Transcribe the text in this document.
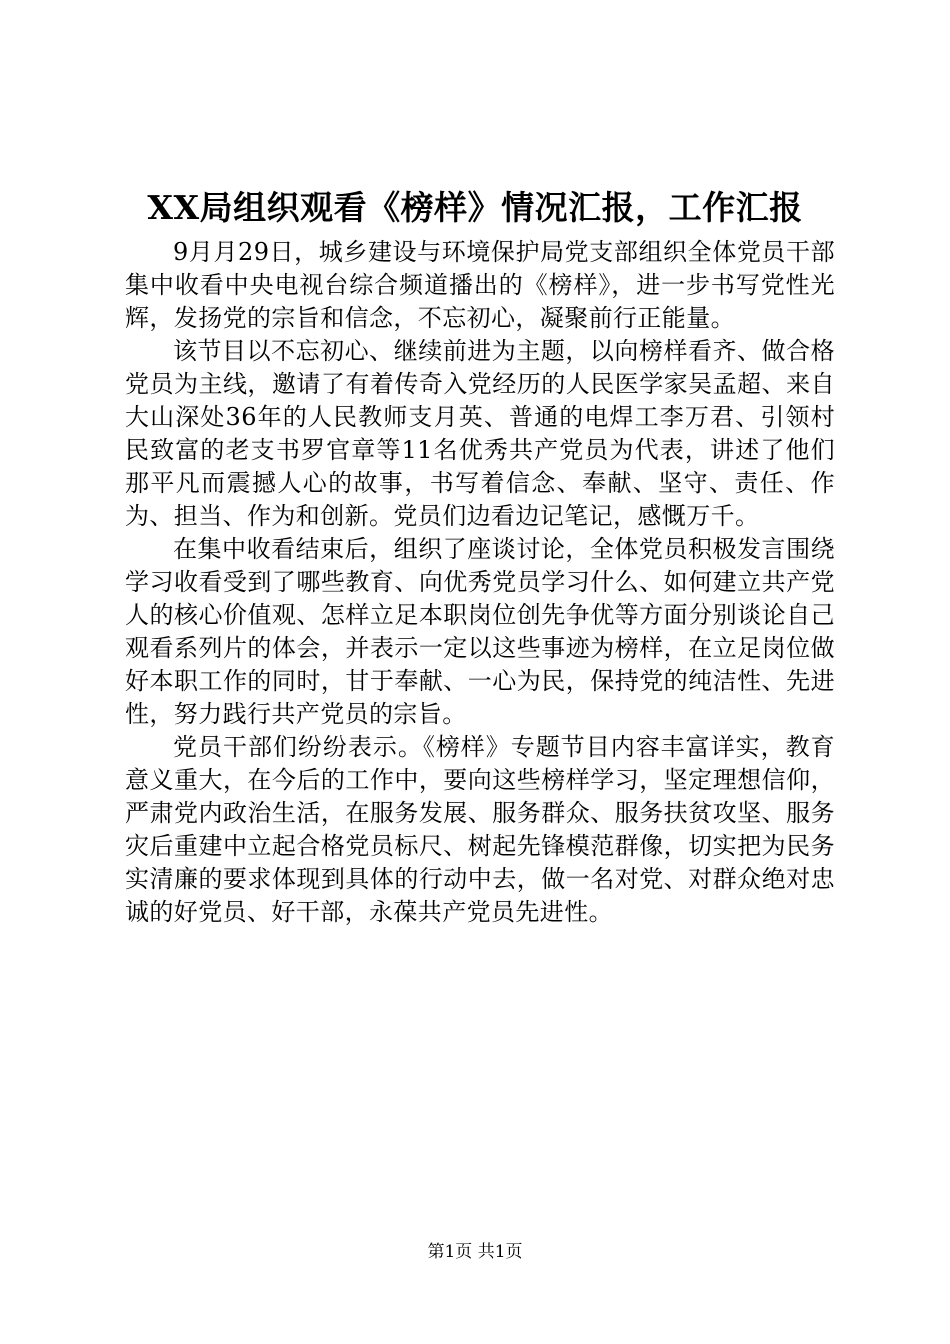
XX局组织观看《榜样》情况汇报，工作汇报

9月月29日，城乡建设与环境保护局党支部组织全体党员干部集中收看中央电视台综合频道播出的《榜样》，进一步书写党性光辉，发扬党的宗旨和信念，不忘初心，凝聚前行正能量。

该节目以不忘初心、继续前进为主题，以向榜样看齐、做合格党员为主线，邀请了有着传奇入党经历的人民医学家吴孟超、来自大山深处36年的人民教师支月英、普通的电焊工李万君、引领村民致富的老支书罗官章等11名优秀共产党员为代表，讲述了他们那平凡而震撼人心的故事，书写着信念、奉献、坚守、责任、作为、担当、作为和创新。党员们边看边记笔记，感慨万千。

在集中收看结束后，组织了座谈讨论，全体党员积极发言围绕学习收看受到了哪些教育、向优秀党员学习什么、如何建立共产党人的核心价值观、怎样立足本职岗位创先争优等方面分别谈论自己观看系列片的体会，并表示一定以这些事迹为榜样，在立足岗位做好本职工作的同时，甘于奉献、一心为民，保持党的纯洁性、先进性，努力践行共产党员的宗旨。

党员干部们纷纷表示。《榜样》专题节目内容丰富详实，教育意义重大，在今后的工作中，要向这些榜样学习，坚定理想信仰，严肃党内政治生活，在服务发展、服务群众、服务扶贫攻坚、服务灾后重建中立起合格党员标尺、树起先锋模范群像，切实把为民务实清廉的要求体现到具体的行动中去，做一名对党、对群众绝对忠诚的好党员、好干部，永葆共产党员先进性。

第1页 共1页
